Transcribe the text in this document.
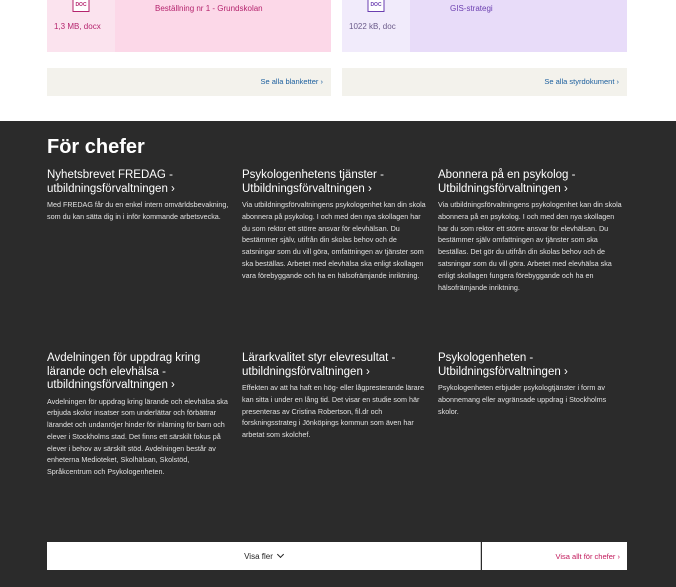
DOC
1,3 MB, docx
Beställning nr 1 - Grundskolan	DOC
1022 kB, doc
GIS-strategi
Se alla blanketter ›	Se alla styrdokument ›
För chefer
Nyhetsbrevet FREDAG - utbildningsförvaltningen ›
Med FREDAG får du en enkel intern omvärldsbevakning, som du kan sätta dig in i inför kommande arbetsvecka.
Psykologenhetens tjänster - Utbildningsförvaltningen ›
Via utbildningsförvaltningens psykologenhet kan din skola abonnera på psykolog. I och med den nya skollagen har du som rektor ett större ansvar för elevhälsan. Du bestämmer själv, utifrån din skolas behov och de satsningar som du vill göra, omfattningen av tjänster som ska beställas. Arbetet med elevhälsa ska enligt skollagen vara förebyggande och ha en hälsofrämjande inriktning.
Abonnera på en psykolog - Utbildningsförvaltningen ›
Via utbildningsförvaltningens psykologenhet kan din skola abonnera på en psykolog. I och med den nya skollagen har du som rektor ett större ansvar för elevhälsan. Du bestämmer själv omfattningen av tjänster som ska beställas. Det gör du utifrån din skolas behov och de satsningar som du vill göra. Arbetet med elevhälsa ska enligt skollagen fungera förebyggande och ha en hälsofrämjande inriktning.
Avdelningen för uppdrag kring lärande och elevhälsa - utbildningsförvaltningen ›
Avdelningen för uppdrag kring lärande och elevhälsa ska erbjuda skolor insatser som underlättar och förbättrar lärandet och undanröjer hinder för inlärning för barn och elever i Stockholms stad. Det finns ett särskilt fokus på elever i behov av särskilt stöd. Avdelningen består av enheterna Medioteket, Skolhälsan, Skolstöd, Språkcentrum och Psykologenheten.
Lärarkvalitet styr elevresultat - utbildningsförvaltningen ›
Effekten av att ha haft en hög- eller lågpresterande lärare kan sitta i under en lång tid. Det visar en studie som här presenteras av Cristina Robertson, fil.dr och forskningsstrateg i Jönköpings kommun som även har arbetat som skolchef.
Psykologenheten - Utbildningsförvaltningen ›
Psykologenheten erbjuder psykologtjänster i form av abonnemang eller avgränsade uppdrag i Stockholms skolor.
Visa fler	Visa allt för chefer ›
